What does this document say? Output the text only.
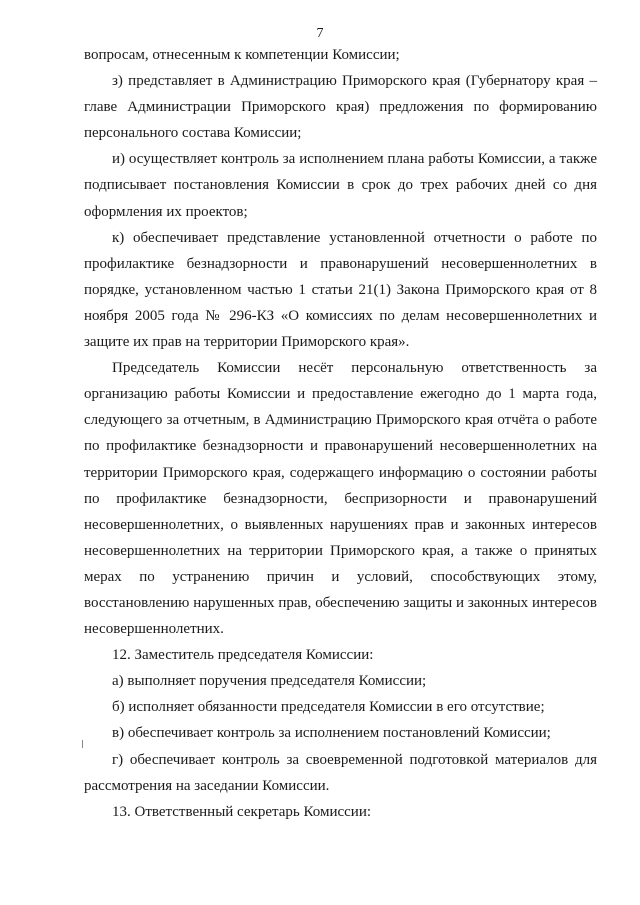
7

вопросам, отнесенным к компетенции Комиссии;

з) представляет в Администрацию Приморского края (Губернатору края – главе Администрации Приморского края) предложения по формированию персонального состава Комиссии;

и) осуществляет контроль за исполнением плана работы Комиссии, а также подписывает постановления Комиссии в срок до трех рабочих дней со дня оформления их проектов;

к) обеспечивает представление установленной отчетности о работе по профилактике безнадзорности и правонарушений несовершеннолетних в порядке, установленном частью 1 статьи 21(1) Закона Приморского края от 8 ноября 2005 года № 296-КЗ «О комиссиях по делам несовершеннолетних и защите их прав на территории Приморского края».

Председатель Комиссии несёт персональную ответственность за организацию работы Комиссии и предоставление ежегодно до 1 марта года, следующего за отчетным, в Администрацию Приморского края отчёта о работе по профилактике безнадзорности и правонарушений несовершеннолетних на территории Приморского края, содержащего информацию о состоянии работы по профилактике безнадзорности, беспризорности и правонарушений несовершеннолетних, о выявленных нарушениях прав и законных интересов несовершеннолетних на территории Приморского края, а также о принятых мерах по устранению причин и условий, способствующих этому, восстановлению нарушенных прав, обеспечению защиты и законных интересов несовершеннолетних.

12. Заместитель председателя Комиссии:

а) выполняет поручения председателя Комиссии;

б) исполняет обязанности председателя Комиссии в его отсутствие;

в) обеспечивает контроль за исполнением постановлений Комиссии;

г) обеспечивает контроль за своевременной подготовкой материалов для рассмотрения на заседании Комиссии.

13. Ответственный секретарь Комиссии:
